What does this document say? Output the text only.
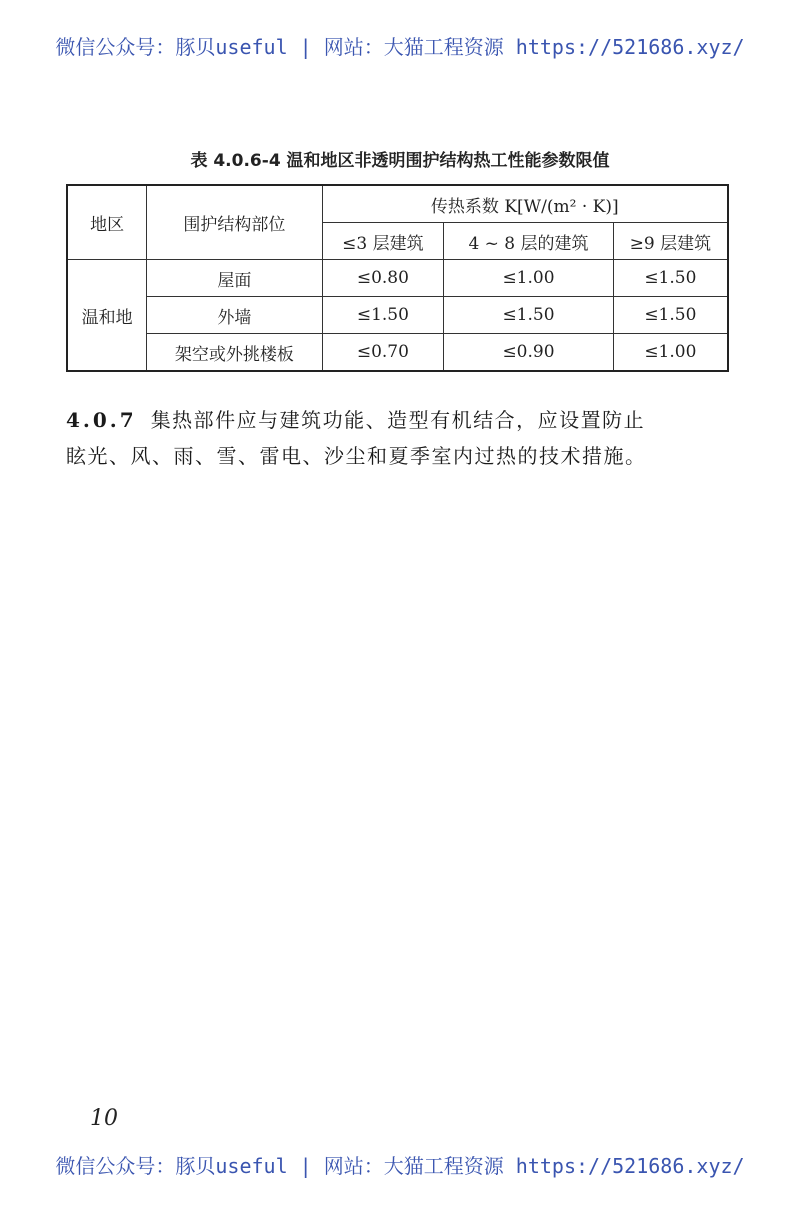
微信公众号：豚贝useful | 网站：大猫工程资源 https://521686.xyz/
表 4.0.6-4 温和地区非透明围护结构热工性能参数限值
地区	围护结构部位	传热系数 K[W/(m² · K)]		
		≤3 层建筑	4 ~ 8 层的建筑	≥9 层建筑
温和地	屋面	≤0.80	≤1.00	≤1.50
	外墙	≤1.50	≤1.50	≤1.50
	架空或外挑楼板	≤0.70	≤0.90	≤1.00
4.0.7 集热部件应与建筑功能、造型有机结合，应设置防止
眩光、风、雨、雪、雷电、沙尘和夏季室内过热的技术措施。
10
微信公众号：豚贝useful | 网站：大猫工程资源 https://521686.xyz/
